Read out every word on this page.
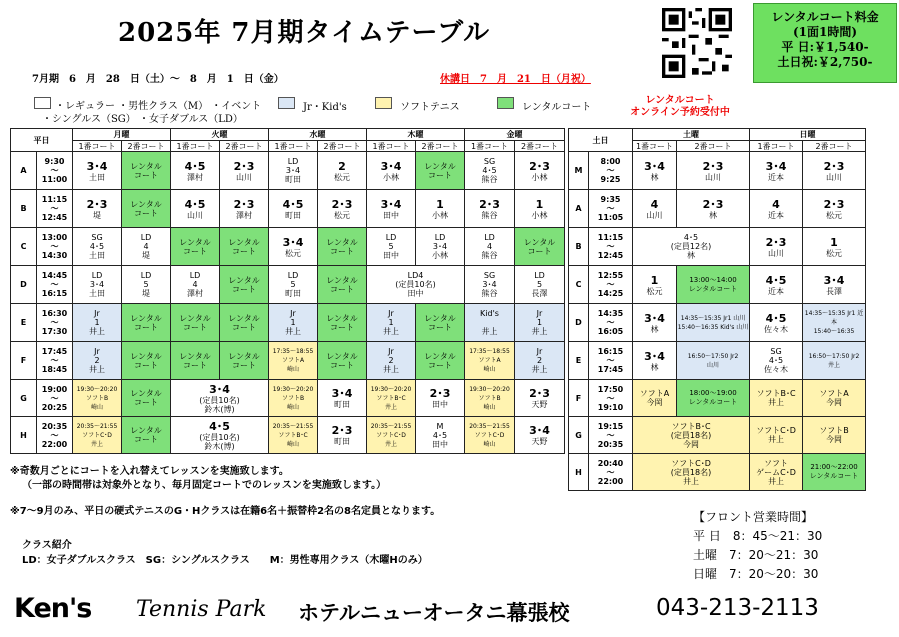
2025年 7月期タイムテーブル
レンタルコート料金
(1面1時間)
平 日:￥1,540-
土日祝:￥2,750-
7月期　6　月　28　日（土）～　8　月　1　日（金）	休講日　7　月　21　日（月祝）
レンタルコート
オンライン予約受付中
・レギュラー ・男性クラス（M） ・イベント
・シングルス（SG） ・女子ダブルス（LD）
Jr・Kid's	ソフトテニス	レンタルコート
平日		月曜		火曜		水曜		木曜		金曜	
		1番コート	2番コート	1番コート	2番コート	1番コート	2番コート	1番コート	2番コート	1番コート	2番コート
A	9:30
～
11:00	3･4
土田	レンタル
コート	4･5
澤村	2･3
山川	LD
3･4
町田	2
松元	3･4
小林	レンタル
コート	SG
4･5
熊谷	2･3
小林
B	11:15
～
12:45	2･3
堤	レンタル
コート	4･5
山川	2･3
澤村	4･5
町田	2･3
松元	3･4
田中	1
小林	2･3
熊谷	1
小林
C	13:00
～
14:30	SG
4･5
土田	LD
4
堤	レンタル
コート	レンタル
コート	3･4
松元	レンタル
コート	LD
5
田中	LD
3･4
小林	LD
4
熊谷	レンタル
コート
D	14:45
～
16:15	LD
3･4
土田	LD
5
堤	LD
4
澤村	レンタル
コート	LD
5
町田	レンタル
コート	LD4
(定員10名)
田中		SG
3･4
熊谷	LD
5
長澤
E	16:30
～
17:30	Jr
1
井上	レンタル
コート	レンタル
コート	レンタル
コート	Jr
1
井上	レンタル
コート	Jr
1
井上	レンタル
コート	Kid's

井上	Jr
1
井上
F	17:45
～
18:45	Jr
2
井上	レンタル
コート	レンタル
コート	レンタル
コート	17:35～18:55
ソフトA
崎山	レンタル
コート	Jr
2
井上	レンタル
コート	17:35～18:55
ソフトA
崎山	Jr
2
井上
G	19:00
～
20:25	19:30～20:20
ソフトB
崎山	レンタル
コート	3･4
(定員10名)
鈴木(博)		19:30～20:20
ソフトB
崎山	3･4
町田	19:30～20:20
ソフトB･C
井上	2･3
田中	19:30～20:20
ソフトB
崎山	2･3
天野
H	20:35
～
22:00	20:35～21:55
ソフトC･D
井上	レンタル
コート	4･5
(定員10名)
鈴木(博)		20:35～21:55
ソフトB･C
崎山	2･3
町田	20:35～21:55
ソフトC･D
井上	M
4･5
田中	20:35～21:55
ソフトC･D
崎山	3･4
天野
土日		土曜		日曜	
		1番コート	2番コート	1番コート	2番コート
M	8:00
～
9:25	3･4
林	2･3
山川	3･4
近本	2･3
山川
A	9:35
～
11:05	4
山川	2･3
林	4
近本	2･3
松元
B	11:15
～
12:45	4･5
(定員12名)
林		2･3
山川	1
松元
C	12:55
～
14:25	1
松元	13:00～14:00
レンタルコート	4･5
近本	3･4
長澤
D	14:35
～
16:05	3･4
林	14:35～15:35 Jr1 山川
15:40～16:35 Kid's 山川	4･5
佐々木	14:35～15:35 Jr1 近本
15:40～16:35
E	16:15
～
17:45	3･4
林	16:50～17:50 Jr2
山川	SG
4･5
佐々木	16:50～17:50 Jr2
井上
F	17:50
～
19:10	ソフトA
今岡	18:00～19:00
レンタルコート	ソフトB･C
井上	ソフトA
今岡
G	19:15
～
20:35	ソフトB･C
(定員18名)
今岡		ソフトC･D
井上	ソフトB
今岡
H	20:40
～
22:00	ソフトC･D
(定員18名)
井上		ソフト
ゲームC･D
井上	21:00～22:00
レンタルコート
※奇数月ごとにコートを入れ替えてレッスンを実施致します。
（一部の時間帯は対象外となり、毎月固定コートでのレッスンを実施致します。）
※7～9月のみ、平日の硬式テニスのG・Hクラスは在籍6名＋振替枠2名の8名定員となります。
クラス紹介
LD：女子ダブルスクラス　SG：シングルスクラス　　M：男性専用クラス（木曜Hのみ）
【フロント営業時間】
平 日　8：45～21：30
土曜　7：20～21：30
日曜　7：20～20：30
Ken's Tennis Park ホテルニューオータニ幕張校	043-213-2113
